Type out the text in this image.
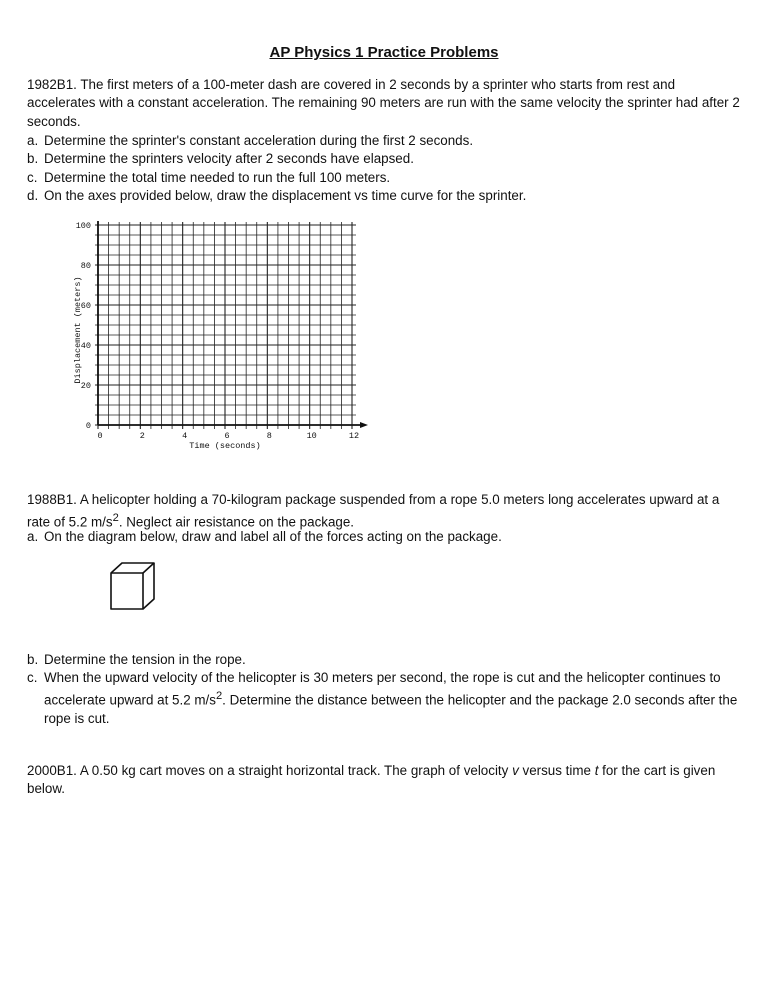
AP Physics 1 Practice Problems

1982B1. The first meters of a 100-meter dash are covered in 2 seconds by a sprinter who starts from rest and accelerates with a constant acceleration. The remaining 90 meters are run with the same velocity the sprinter had after 2 seconds.

a. Determine the sprinter's constant acceleration during the first 2 seconds.
b. Determine the sprinters velocity after 2 seconds have elapsed.
c. Determine the total time needed to run the full 100 meters.
d. On the axes provided below, draw the displacement vs time curve for the sprinter.
0
20
40
60
80
100
0	2	4	6	8	10	12
Time (seconds)
Displacement (meters)

1988B1. A helicopter holding a 70-kilogram package suspended from a rope 5.0 meters long accelerates upward at a rate of 5.2 $m/s^2$. Neglect air resistance on the package.

a. On the diagram below, draw and label all of the forces acting on the package.
b. Determine the tension in the rope.
c. When the upward velocity of the helicopter is 30 meters per second, the rope is cut and the helicopter continues to accelerate upward at 5.2 $m/s^2$. Determine the distance between the helicopter and the package 2.0 seconds after the rope is cut.

2000B1. A 0.50 kg cart moves on a straight horizontal track. The graph of velocity v versus time t for the cart is given below.
